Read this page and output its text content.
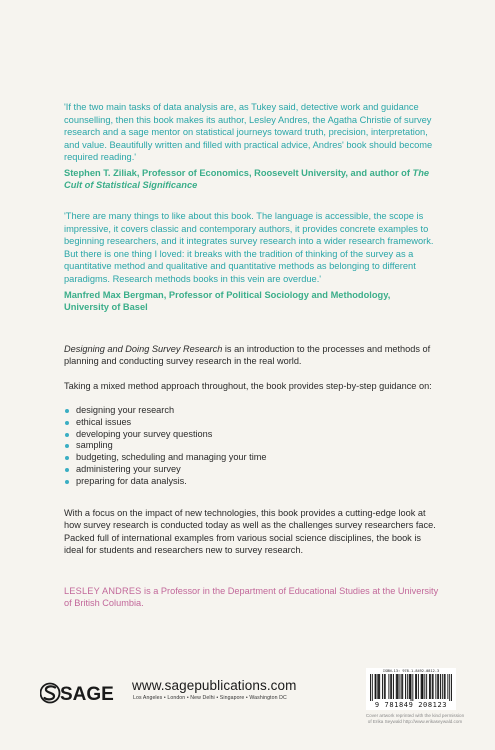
'If the two main tasks of data analysis are, as Tukey said, detective work and guidance counselling, then this book makes its author, Lesley Andres, the Agatha Christie of survey research and a sage mentor on statistical journeys toward truth, precision, interpretation, and value. Beautifully written and filled with practical advice, Andres' book should become required reading.'

Stephen T. Ziliak, Professor of Economics, Roosevelt University, and author of The Cult of Statistical Significance

'There are many things to like about this book. The language is accessible, the scope is impressive, it covers classic and contemporary authors, it provides concrete examples to beginning researchers, and it integrates survey research into a wider research framework. But there is one thing I loved: it breaks with the tradition of thinking of the survey as a quantitative method and qualitative and quantitative methods as belonging to different paradigms. Research methods books in this vein are overdue.'

Manfred Max Bergman, Professor of Political Sociology and Methodology, University of Basel

Designing and Doing Survey Research is an introduction to the processes and methods of planning and conducting survey research in the real world.

Taking a mixed method approach throughout, the book provides step-by-step guidance on:

designing your research
ethical issues
developing your survey questions
sampling
budgeting, scheduling and managing your time
administering your survey
preparing for data analysis.

With a focus on the impact of new technologies, this book provides a cutting-edge look at how survey research is conducted today as well as the challenges survey researchers face. Packed full of international examples from various social science disciplines, the book is ideal for students and researchers new to survey research.

LESLEY ANDRES is a Professor in the Department of Educational Studies at the University of British Columbia.
SAGE www.sagepublications.com
Los Angeles • London • New Delhi • Singapore • Washington DC
ISBN-13: 978-1-8492-0812-3
9 781849 208123
Cover artwork reprinted with the kind permission
of Erika Seywald http://www.erikaseywald.com
